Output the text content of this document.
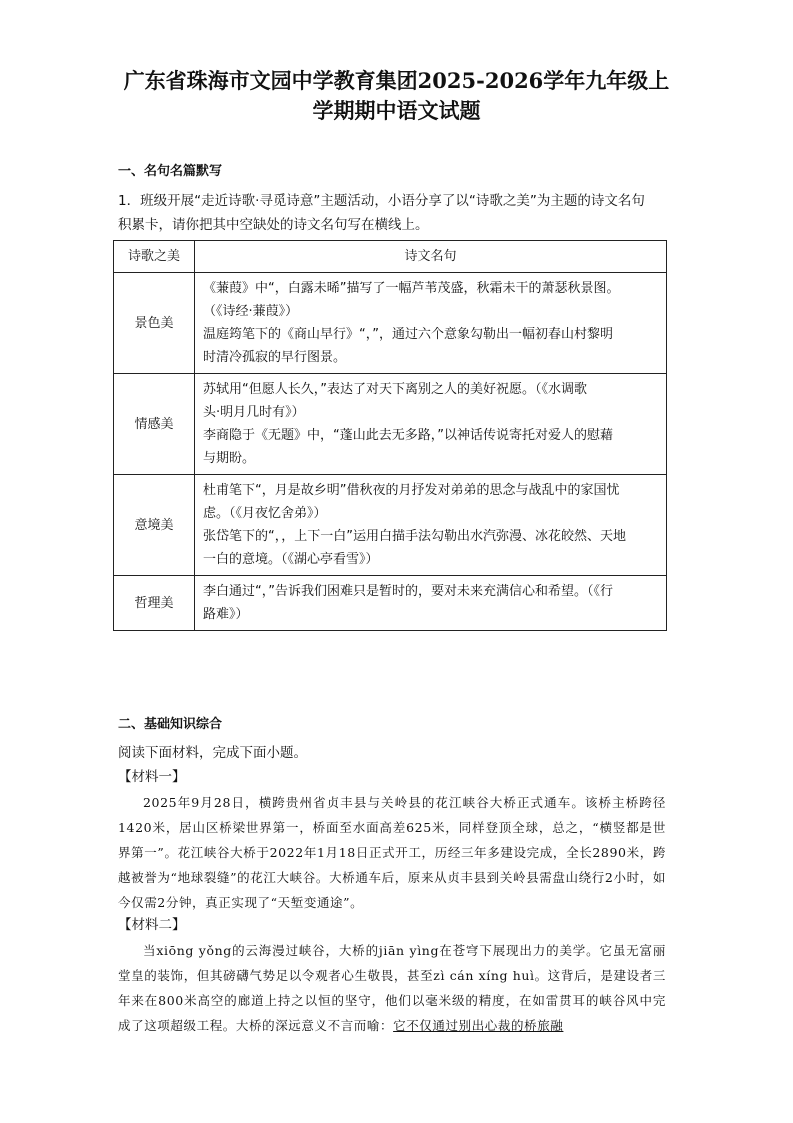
广东省珠海市文园中学教育集团2025-2026学年九年级上
学期期中语文试题
一、名句名篇默写
1．班级开展“走近诗歌·寻觅诗意”主题活动，小语分享了以“诗歌之美”为主题的诗文名句
积累卡，请你把其中空缺处的诗文名句写在横线上。
诗歌之美	诗文名句
景色美	《蒹葭》中“，白露未晞”描写了一幅芦苇茂盛，秋霜未干的萧瑟秋景图。
（《诗经·蒹葭》）
温庭筠笔下的《商山早行》“，”，通过六个意象勾勒出一幅初春山村黎明
时清冷孤寂的早行图景。

情感美	苏轼用“但愿人长久，”表达了对天下离别之人的美好祝愿。（《水调歌
头·明月几时有》）
李商隐于《无题》中，“蓬山此去无多路，”以神话传说寄托对爱人的慰藉
与期盼。

意境美	杜甫笔下“，月是故乡明”借秋夜的月抒发对弟弟的思念与战乱中的家国忧
虑。（《月夜忆舍弟》）
张岱笔下的“，，上下一白”运用白描手法勾勒出水汽弥漫、冰花皎然、天地
一白的意境。（《湖心亭看雪》）

哲理美	李白通过“，”告诉我们困难只是暂时的，要对未来充满信心和希望。（《行
路难》）
二、基础知识综合
阅读下面材料，完成下面小题。
【材料一】
2025年9月28日，横跨贵州省贞丰县与关岭县的花江峡谷大桥正式通车。该桥主桥跨径1420米，居山区桥梁世界第一，桥面至水面高差625米，同样登顶全球，总之，“横竖都是世界第一”。花江峡谷大桥于2022年1月18日正式开工，历经三年多建设完成，全长2890米，跨越被誉为“地球裂缝”的花江大峡谷。大桥通车后，原来从贞丰县到关岭县需盘山绕行2小时，如今仅需2分钟，真正实现了“天堑变通途”。
【材料二】
当xiōng yǒng的云海漫过峡谷，大桥的jiān yìng在苍穹下展现出力的美学。它虽无富丽堂皇的装饰，但其磅礴气势足以令观者心生敬畏，甚至zì cán xíng huì。这背后，是建设者三年来在800米高空的廊道上持之以恒的坚守，他们以毫米级的精度，在如雷贯耳的峡谷风中完成了这项超级工程。大桥的深远意义不言而喻：它不仅通过别出心裁的桥旅融
